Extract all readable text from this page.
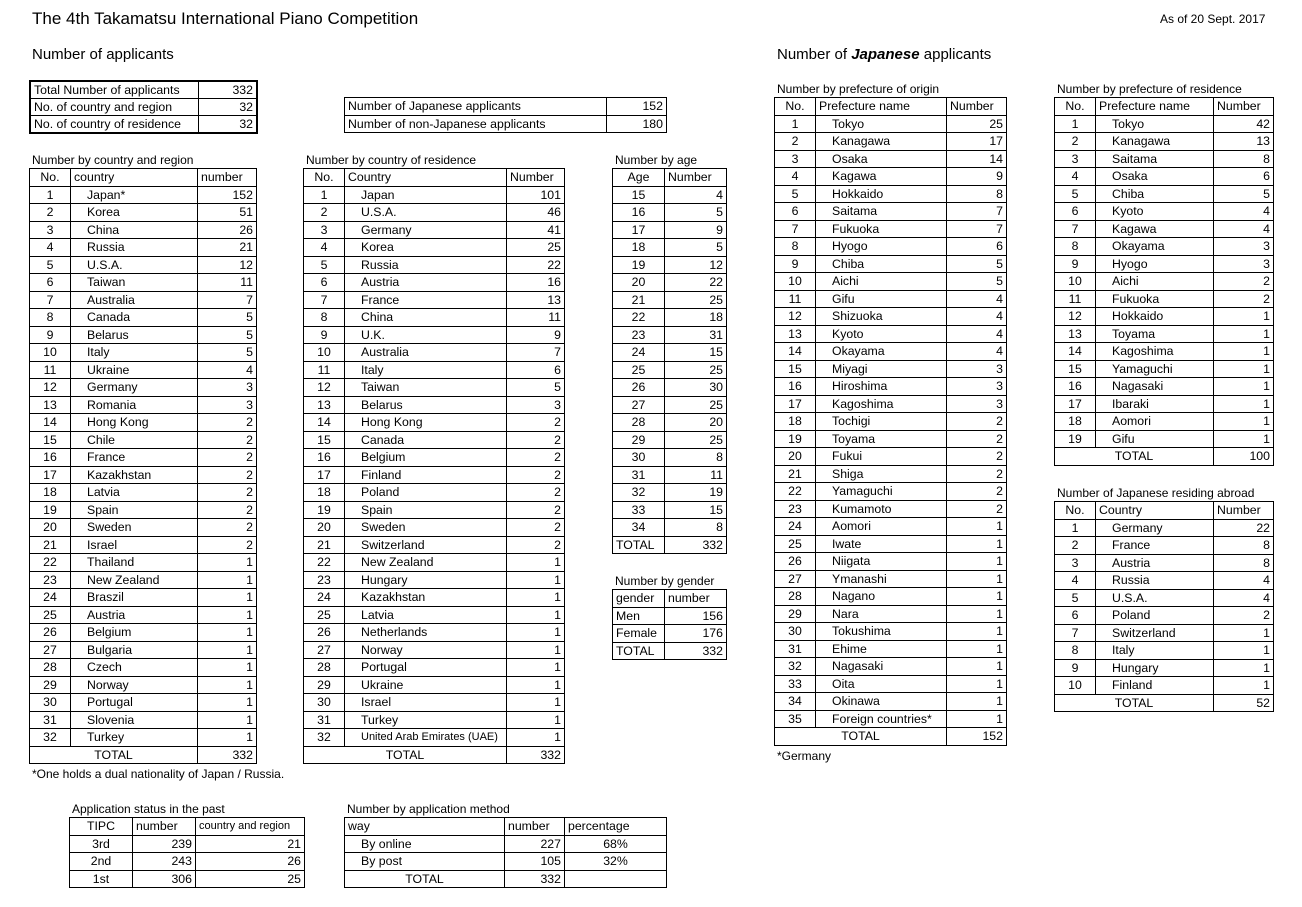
The 4th Takamatsu International Piano Competition	As of 20 Sept. 2017
Number of applicants	Number of Japanese applicants
Total Number of applicants	332
No. of country and region	32
No. of country of residence	32
Number of Japanese applicants	152
Number of non-Japanese applicants	180
Number by country and region
No.	country	number
1	Japan*	152
2	Korea	51
3	China	26
4	Russia	21
5	U.S.A.	12
6	Taiwan	11
7	Australia	7
8	Canada	5
9	Belarus	5
10	Italy	5
11	Ukraine	4
12	Germany	3
13	Romania	3
14	Hong Kong	2
15	Chile	2
16	France	2
17	Kazakhstan	2
18	Latvia	2
19	Spain	2
20	Sweden	2
21	Israel	2
22	Thailand	1
23	New Zealand	1
24	Braszil	1
25	Austria	1
26	Belgium	1
27	Bulgaria	1
28	Czech	1
29	Norway	1
30	Portugal	1
31	Slovenia	1
32	Turkey	1
TOTAL		332
*One holds a dual nationality of Japan / Russia.
Number by country of residence
No.	Country	Number
1	Japan	101
2	U.S.A.	46
3	Germany	41
4	Korea	25
5	Russia	22
6	Austria	16
7	France	13
8	China	11
9	U.K.	9
10	Australia	7
11	Italy	6
12	Taiwan	5
13	Belarus	3
14	Hong Kong	2
15	Canada	2
16	Belgium	2
17	Finland	2
18	Poland	2
19	Spain	2
20	Sweden	2
21	Switzerland	2
22	New Zealand	1
23	Hungary	1
24	Kazakhstan	1
25	Latvia	1
26	Netherlands	1
27	Norway	1
28	Portugal	1
29	Ukraine	1
30	Israel	1
31	Turkey	1
32	United Arab Emirates (UAE)	1
TOTAL		332
Number by age
Age	Number
15	4
16	5
17	9
18	5
19	12
20	22
21	25
22	18
23	31
24	15
25	25
26	30
27	25
28	20
29	25
30	8
31	11
32	19
33	15
34	8
TOTAL	332
Number by gender
gender	number
Men	156
Female	176
TOTAL	332
Application status in the past
TIPC	number	country and region
3rd	239	21
2nd	243	26
1st	306	25
Number by application method
way	number	percentage
By online	227	68%
By post	105	32%
TOTAL	332	
Number by prefecture of origin
No.	Prefecture name	Number
1	Tokyo	25
2	Kanagawa	17
3	Osaka	14
4	Kagawa	9
5	Hokkaido	8
6	Saitama	7
7	Fukuoka	7
8	Hyogo	6
9	Chiba	5
10	Aichi	5
11	Gifu	4
12	Shizuoka	4
13	Kyoto	4
14	Okayama	4
15	Miyagi	3
16	Hiroshima	3
17	Kagoshima	3
18	Tochigi	2
19	Toyama	2
20	Fukui	2
21	Shiga	2
22	Yamaguchi	2
23	Kumamoto	2
24	Aomori	1
25	Iwate	1
26	Niigata	1
27	Ymanashi	1
28	Nagano	1
29	Nara	1
30	Tokushima	1
31	Ehime	1
32	Nagasaki	1
33	Oita	1
34	Okinawa	1
35	Foreign countries*	1
TOTAL		152
*Germany
Number by prefecture of residence
No.	Prefecture name	Number
1	Tokyo	42
2	Kanagawa	13
3	Saitama	8
4	Osaka	6
5	Chiba	5
6	Kyoto	4
7	Kagawa	4
8	Okayama	3
9	Hyogo	3
10	Aichi	2
11	Fukuoka	2
12	Hokkaido	1
13	Toyama	1
14	Kagoshima	1
15	Yamaguchi	1
16	Nagasaki	1
17	Ibaraki	1
18	Aomori	1
19	Gifu	1
TOTAL		100
Number of Japanese residing abroad
No.	Country	Number
1	Germany	22
2	France	8
3	Austria	8
4	Russia	4
5	U.S.A.	4
6	Poland	2
7	Switzerland	1
8	Italy	1
9	Hungary	1
10	Finland	1
TOTAL		52
